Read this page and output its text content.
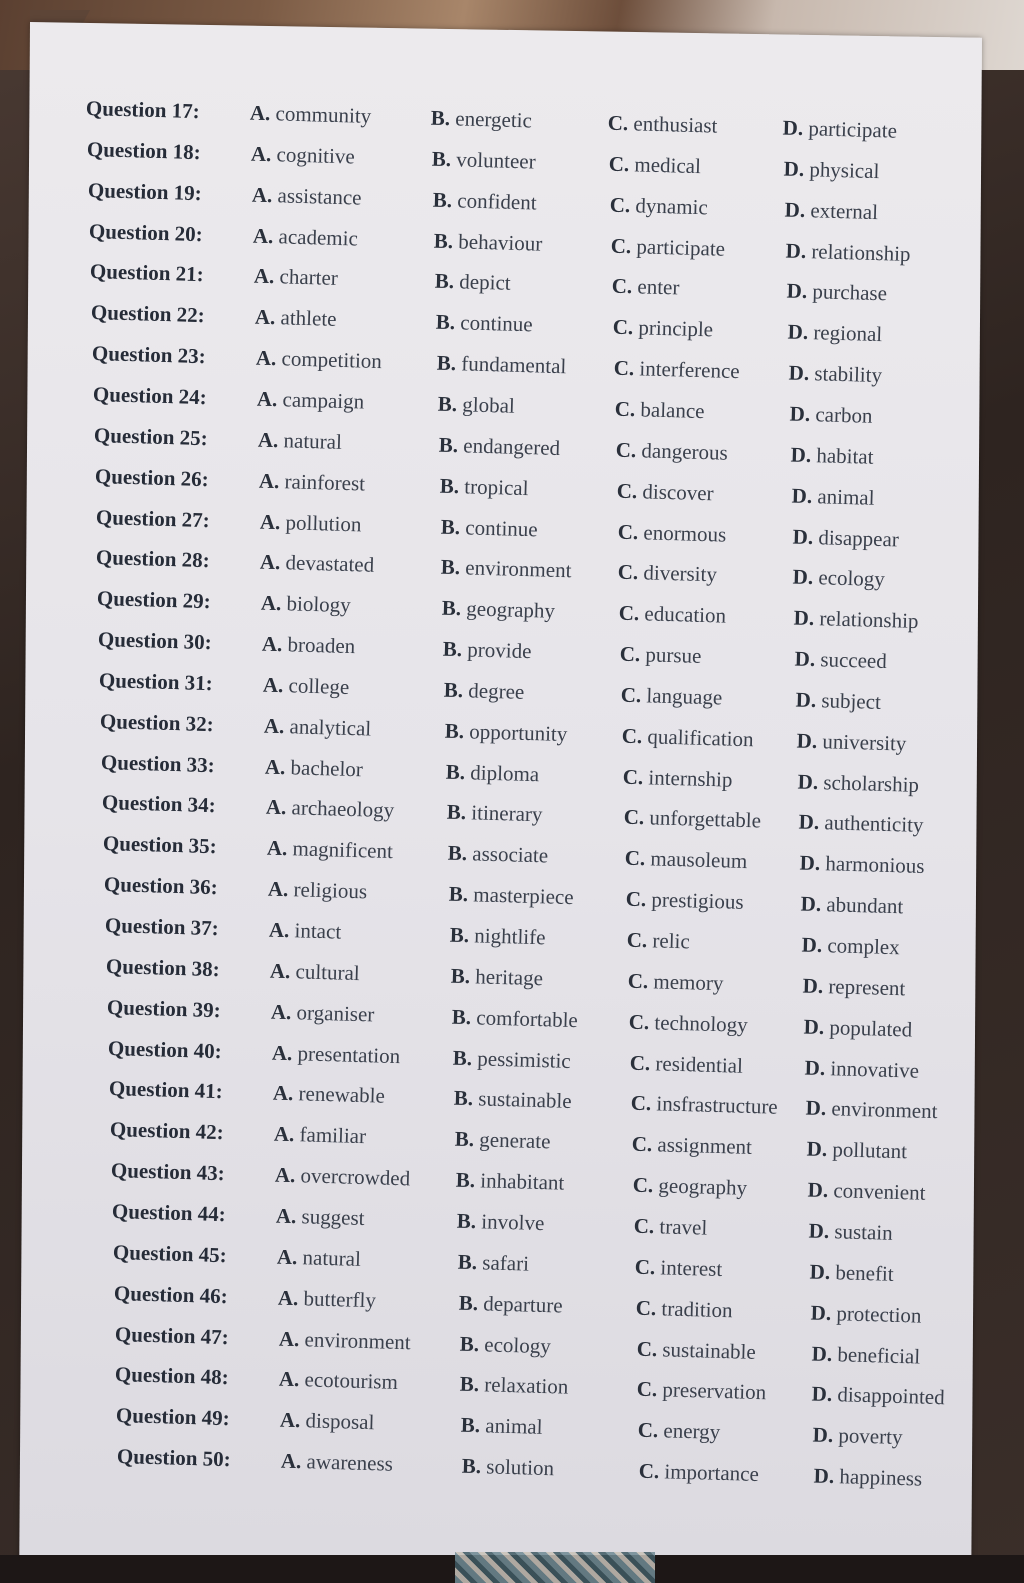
Question 17: A. community	B. energetic	C. enthusiast	D. participate
Question 18: A. cognitive	B. volunteer	C. medical	D. physical
Question 19: A. assistance	B. confident	C. dynamic	D. external
Question 20: A. academic	B. behaviour	C. participate	D. relationship
Question 21: A. charter	B. depict	C. enter	D. purchase
Question 22: A. athlete	B. continue	C. principle	D. regional
Question 23: A. competition	B. fundamental C. interference D. stability
Question 24: A. campaign	B. global	C. balance	D. carbon
Question 25: A. natural	B. endangered	C. dangerous	D. habitat
Question 26: A. rainforest	B. tropical	C. discover	D. animal
Question 27: A. pollution	B. continue	C. enormous	D. disappear
Question 28: A. devastated	B. environment C. diversity	D. ecology
Question 29: A. biology	B. geography	C. education	D. relationship
Question 30: A. broaden	B. provide	C. pursue	D. succeed
Question 31: A. college	B. degree	C. language	D. subject
Question 32: A. analytical	B. opportunity	C. qualification D. university
Question 33: A. bachelor	B. diploma	C. internship	D. scholarship
Question 34: A. archaeology B. itinerary	C. unforgettable D. authenticity
Question 35: A. magnificent	B. associate	C. mausoleum D. harmonious
Question 36: A. religious	B. masterpiece C. prestigious	D. abundant
Question 37: A. intact	B. nightlife	C. relic	D. complex
Question 38: A. cultural	B. heritage	C. memory	D. represent
Question 39: A. organiser	B. comfortable C. technology	D. populated
Question 40: A. presentation B. pessimistic	C. residential	D. innovative
Question 41: A. renewable	B. sustainable	C. insfrastructure D. environment
Question 42: A. familiar	B. generate	C. assignment	D. pollutant
Question 43: A. overcrowded B. inhabitant	C. geography	D. convenient
Question 44: A. suggest	B. involve	C. travel	D. sustain
Question 45: A. natural	B. safari	C. interest	D. benefit
Question 46: A. butterfly	B. departure	C. tradition	D. protection
Question 47: A. environment B. ecology	C. sustainable	D. beneficial
Question 48: A. ecotourism	B. relaxation	C. preservation D. disappointed
Question 49: A. disposal	B. animal	C. energy	D. poverty
Question 50: A. awareness	B. solution	C. importance	D. happiness
